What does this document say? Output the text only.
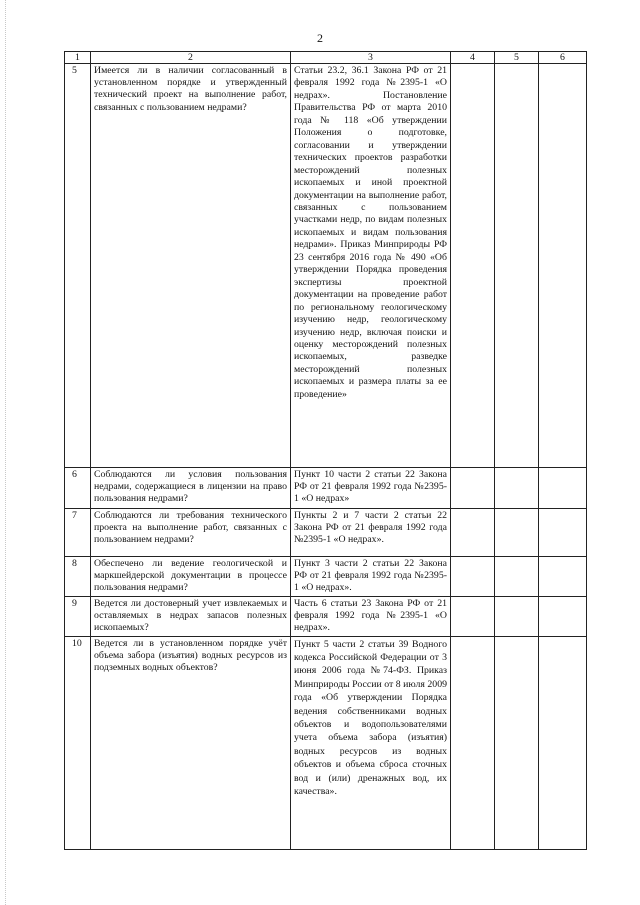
2
1	2	3	4	5	6
5	Имеется ли в наличии согласованный в установленном порядке и утвержденный технический проект на выполнение работ, связанных с пользованием недрами?	Статьи 23.2, 36.1 Закона РФ от 21 февраля 1992 года №2395-1 «О недрах». Постановление Правительства РФ от марта 2010 года № 118 «Об утверждении Положения о подготовке, согласовании и утверждении технических проектов разработки месторождений полезных ископаемых и иной проектной документации на выполнение работ, связанных с пользованием участками недр, по видам полезных ископаемых и видам пользования недрами». Приказ Минприроды РФ 23 сентября 2016 года № 490 «Об утверждении Порядка проведения экспертизы проектной документации на проведение работ по региональному геологическому изучению недр, геологическому изучению недр, включая поиски и оценку месторождений полезных ископаемых, разведке месторождений полезных ископаемых и размера платы за ее проведение»			
6	Соблюдаются ли условия пользования недрами, содержащиеся в лицензии на право пользования недрами?	Пункт 10 части 2 статьи 22 Закона РФ от 21 февраля 1992 года №2395-1 «О недрах»			
7	Соблюдаются ли требования технического проекта на выполнение работ, связанных с пользованием недрами?	Пункты 2 и 7 части 2 статьи 22 Закона РФ от 21 февраля 1992 года №2395-1 «О недрах».			
8	Обеспечено ли ведение геологической и маркшейдерской документации в процессе пользования недрами?	Пункт 3 части 2 статьи 22 Закона РФ от 21 февраля 1992 года №2395-1 «О недрах».			
9	Ведется ли достоверный учет извлекаемых и оставляемых в недрах запасов полезных ископаемых?	Часть 6 статьи 23 Закона РФ от 21 февраля 1992 года №2395-1 «О недрах».			
10	Ведется ли в установленном порядке учёт объема забора (изъятия) водных ресурсов из подземных водных объектов?	Пункт 5 части 2 статьи 39 Водного кодекса Российской Федерации от 3 июня 2006 года №74-ФЗ. Приказ Минприроды России от 8 июля 2009 года «Об утверждении Порядка ведения собственниками водных объектов и водопользователями учета объема забора (изъятия) водных ресурсов из водных объектов и объема сброса сточных вод и (или) дренажных вод, их качества».			
